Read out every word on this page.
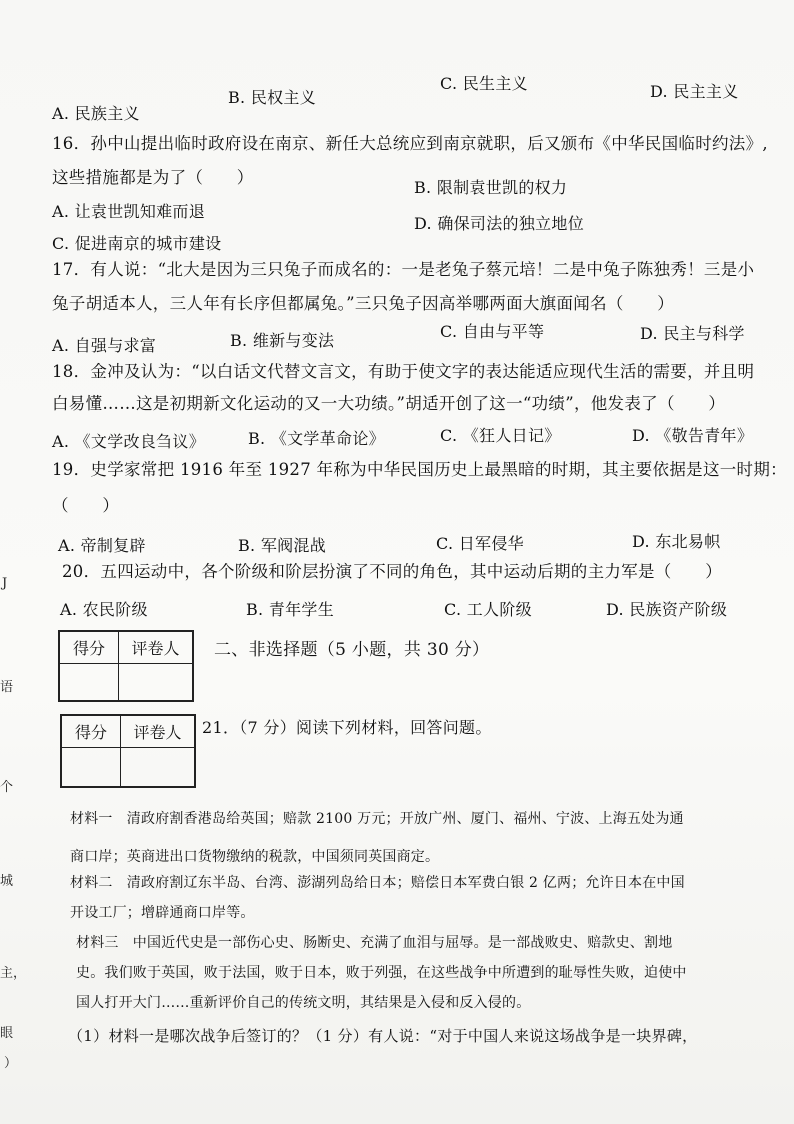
A. 民族主义
B. 民权主义
C. 民生主义	D. 民主主义
16．孙中山提出临时政府设在南京、新任大总统应到南京就职，后又颁布《中华民国临时约法》,
这些措施都是为了（　　）
A. 让袁世凯知难而退
B. 限制袁世凯的权力
C. 促进南京的城市建设
D. 确保司法的独立地位
17．有人说：“北大是因为三只兔子而成名的：一是老兔子蔡元培！二是中兔子陈独秀！三是小
兔子胡适本人，三人年有长序但都属兔。”三只兔子因高举哪两面大旗面闻名（　　）
A. 自强与求富	B. 维新与变法	C. 自由与平等	D. 民主与科学
18．金冲及认为：“以白话文代替文言文，有助于使文字的表达能适应现代生活的需要，并且明
白易懂……这是初期新文化运动的又一大功绩。”胡适开创了这一“功绩”，他发表了（　　）
A. 《文学改良刍议》	B. 《文学革命论》	C. 《狂人日记》	D. 《敬告青年》
19．史学家常把 1916 年至 1927 年称为中华民国历史上最黑暗的时期，其主要依据是这一时期：
（　　）
A. 帝制复辟	B. 军阀混战	C. 日军侵华	D. 东北易帜
20．五四运动中，各个阶级和阶层扮演了不同的角色，其中运动后期的主力军是（　　）
A. 农民阶级	B. 青年学生	C. 工人阶级	D. 民族资产阶级
得分	评卷人
	二、非选择题（5 小题，共 30 分）
得分	评卷人
	21．（7 分）阅读下列材料，回答问题。
材料一　清政府割香港岛给英国；赔款 2100 万元；开放广州、厦门、福州、宁波、上海五处为通
商口岸；英商进出口货物缴纳的税款，中国须同英国商定。
材料二　清政府割辽东半岛、台湾、澎湖列岛给日本；赔偿日本军费白银 2 亿两；允许日本在中国
开设工厂；增辟通商口岸等。
材料三　中国近代史是一部伤心史、肠断史、充满了血泪与屈辱。是一部战败史、赔款史、割地
史。我们败于英国，败于法国，败于日本，败于列强，在这些战争中所遭到的耻辱性失败，迫使中
国人打开大门……重新评价自己的传统文明，其结果是入侵和反入侵的。
（1）材料一是哪次战争后签订的？（1 分）有人说：“对于中国人来说这场战争是一块界碑，
J
语
个
城
主，
眼
）
